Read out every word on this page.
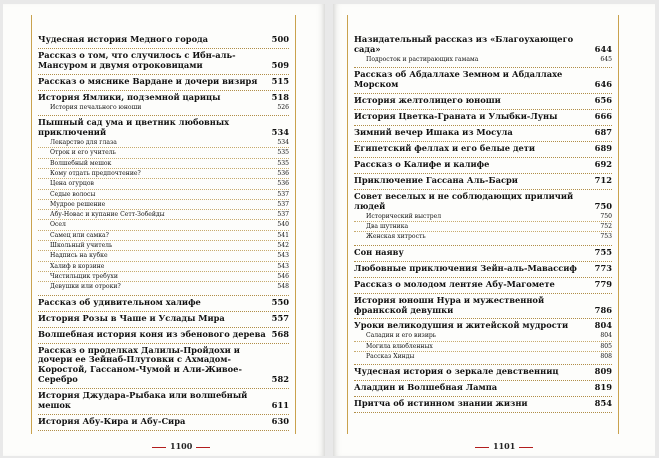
Чудесная история Медного города	500
Рассказ о том, что случилось с Ибн-аль-Мансуром и двумя отроковицами	509
Рассказ о мясникe Вардане и дочери визиря	515
История Ямлики, подземной царицы	518
История печального юноши	526
Пышный сад ума и цветник любовных приключений	534
Лекарство для глаза	534
Отрок и его учитель	535
Волшебный мешок	535
Кому отдать предпочтение?	536
Цена огурцов	536
Седые волосы	537
Мудрое решение	537
Абу-Новас и купание Сетт-Зобейды	537
Осел	540
Самец или самка?	541
Школьный учитель	542
Надпись на кубке	543
Халиф в корзине	543
Чистильщик требухи	546
Девушки или отроки?	548
Рассказ об удивительном халифе	550
История Розы в Чаше и Услады Мира	557
Волшебная история коня из эбенового дерева 568
Рассказ о проделках Далилы-Пройдохи и дочери ее Зейнаб-Плутовки с Ахмадом-Коростой, Гассаном-Чумой и Али-Живое-Серебро	582
История Джудара-Рыбака или волшебный мешок	611
История Абу-Кира и Абу-Сира	630
1100
Назидательный рассказ из «Благоухающего сада»	644
Подросток и растирающих гамама	645
Рассказ об Абдаллахе Земном и Абдаллахе Морском	646
История желтолицего юноши	656
История Цветка-Граната и Улыбки-Луны	666
Зимний вечер Ишака из Мосула	687
Египетский феллах и его белые дети	689
Рассказ о Калифе и калифе	692
Приключение Гассана Аль-Басри	712
Совет веселых и не соблюдающих приличий людей	750
Исторический выстрел	750
Два шутника	752
Женская хитрость	753
Сон наяву	755
Любовные приключения Зейн-аль-Мавассиф	773
Рассказ о молодом лентяе Абу-Магомете	779
История юноши Нура и мужественной франкской девушки	786
Уроки великодушия и житейской мудрости	804
Саладин и его визирь	804
Могила влюбленных	805
Рассказ Хинды	808
Чудесная история о зеркале девственниц	809
Аладдин и Волшебная Лампа	819
Притча об истинном знании жизни	854
1101
